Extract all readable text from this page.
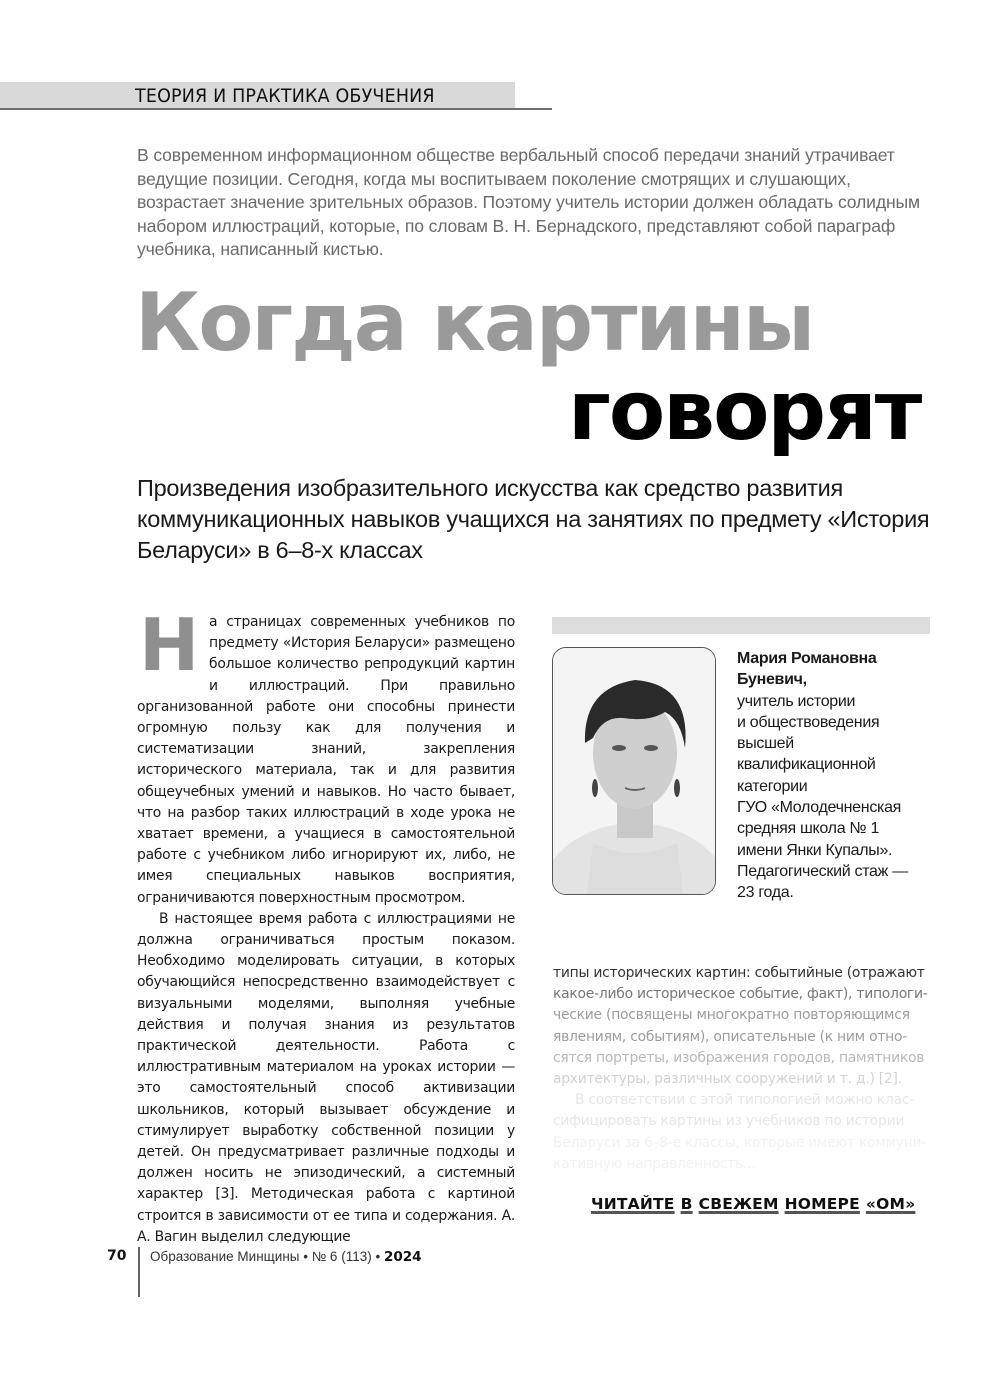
ТЕОРИЯ И ПРАКТИКА ОБУЧЕНИЯ
В современном информационном обществе вербальный способ передачи знаний утрачивает ведущие позиции. Сегодня, когда мы воспитываем поколение смотрящих и слушающих, возрастает значение зрительных образов. Поэтому учитель истории должен обладать солидным набором иллюстраций, которые, по словам В. Н. Бернадского, представляют собой параграф учебника, написанный кистью.
Когда картины
говорят
Произведения изобразительного искусства как средство развития коммуникационных навыков учащихся на занятиях по предмету «История Беларуси» в 6–8-х классах

На страницах современных учебников по предмету «История Беларуси» размещено большое количество репродукций картин и иллюстраций. При правильно организованной работе они способны принести огромную пользу как для получения и систематизации знаний, закрепления исторического материала, так и для развития общеучебных умений и навыков. Но часто бывает, что на разбор таких иллюстраций в ходе урока не хватает времени, а учащиеся в самостоятельной работе с учебником либо игнорируют их, либо, не имея специальных навыков восприятия, ограничиваются поверхностным просмотром.

В настоящее время работа с иллюстрациями не должна ограничиваться простым показом. Необходимо моделировать ситуации, в которых обучающийся непосредственно взаимодействует с визуальными моделями, выполняя учебные действия и получая знания из результатов практической деятельности. Работа с иллюстративным материалом на уроках истории — это самостоятельный способ активизации школьников, который вызывает обсуждение и стимулирует выработку собственной позиции у детей. Он предусматривает различные подходы и должен носить не эпизодический, а системный характер [3]. Методическая работа с картиной строится в зависимости от ее типа и содержания. А. А. Вагин выделил следующие

Мария Романовна Буневич,
учитель истории
и обществоведения
высшей
квалификационной
категории
ГУО «Молодечненская
средняя школа № 1
имени Янки Купалы».
Педагогический стаж —
23 года.

типы исторических картин: событийные (отражают

какое-либо историческое событие, факт), типологи-

ческие (посвящены многократно повторяющимся

явлениям, событиям), описательные (к ним отно-

сятся портреты, изображения городов, памятников

архитектуры, различных сооружений и т. д.) [2].

В соответствии с этой типологией можно клас-

сифицировать картины из учебников по истории

Беларуси за 6–8-е классы, которые имеют коммуни-

кативную направленность...

ЧИТАЙТЕ В СВЕЖЕМ НОМЕРЕ «ОМ»
70 Образование Минщины • № 6 (113) • 2024
